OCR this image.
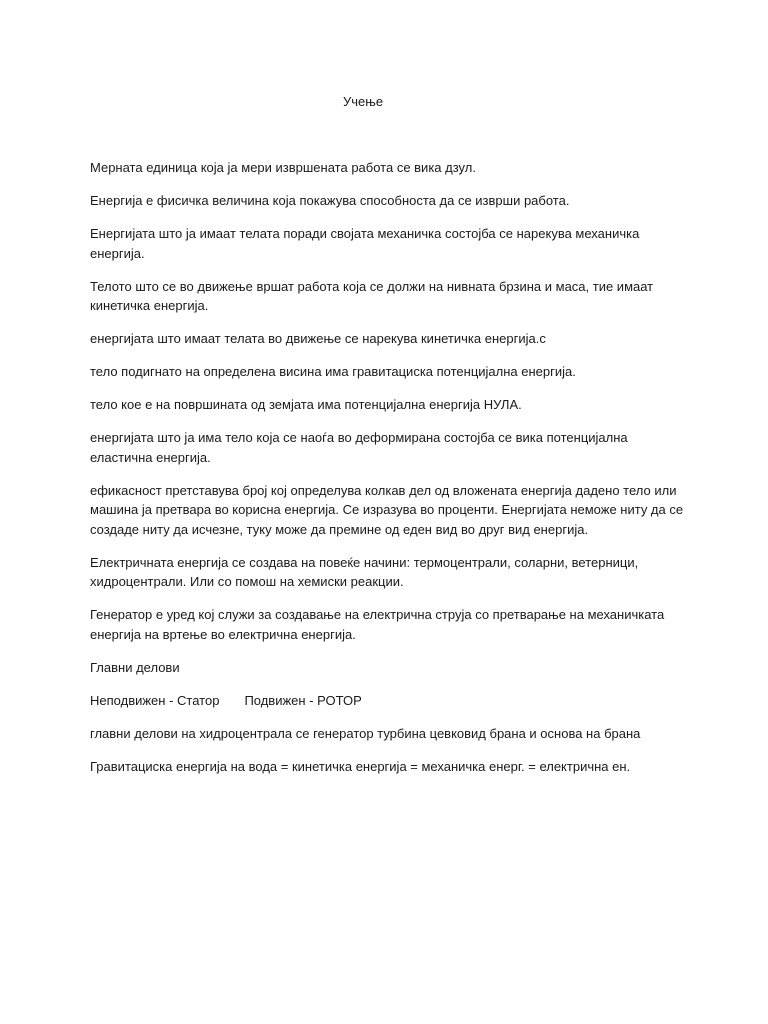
Учење

Мерната единица која ја мери извршената работа се вика дзул.

Енергија е фисичка величина која покажува способноста да се изврши работа.

Енергијата што ја имаат телата поради својата механичка состојба се нарекува механичка енергија.

Телото што се во движење вршат работа која се должи на нивната брзина и маса, тие имаат кинетичка енергија.

енергијата што имаат телата во движење се нарекува кинетичка енергија.с

тело подигнато на определена висина има гравитациска потенцијална енергија.

тело кое е на површината од земјата има потенцијална енергија НУЛА.

енергијата што ја има тело која се наоѓа во деформирана состојба се вика потенцијална еластична енергија.

ефикасност претставува број кој определува колкав дел од вложената енергија дадено тело или машина ја претвара во корисна енергија. Се изразува во проценти. Енергијата неможе ниту да се создаде ниту да исчезне, туку може да премине од еден вид во друг вид енергија.

Електричната енергија се создава на повеќе начини: термоцентрали, соларни, ветерници, хидроцентрали. Или со помош на хемиски реакции.

Генератор е уред кој служи за создавање на електрична струја со претварање на механичката енергија на вртење во електрична енергија.

Главни делови

Неподвижен - Статор Подвижен - РОТОР

главни делови на хидроцентрала се генератор турбина цевковид брана и основа на брана

Гравитациска енергија на вода = кинетичка енергија = механичка енерг. = електрична ен.
